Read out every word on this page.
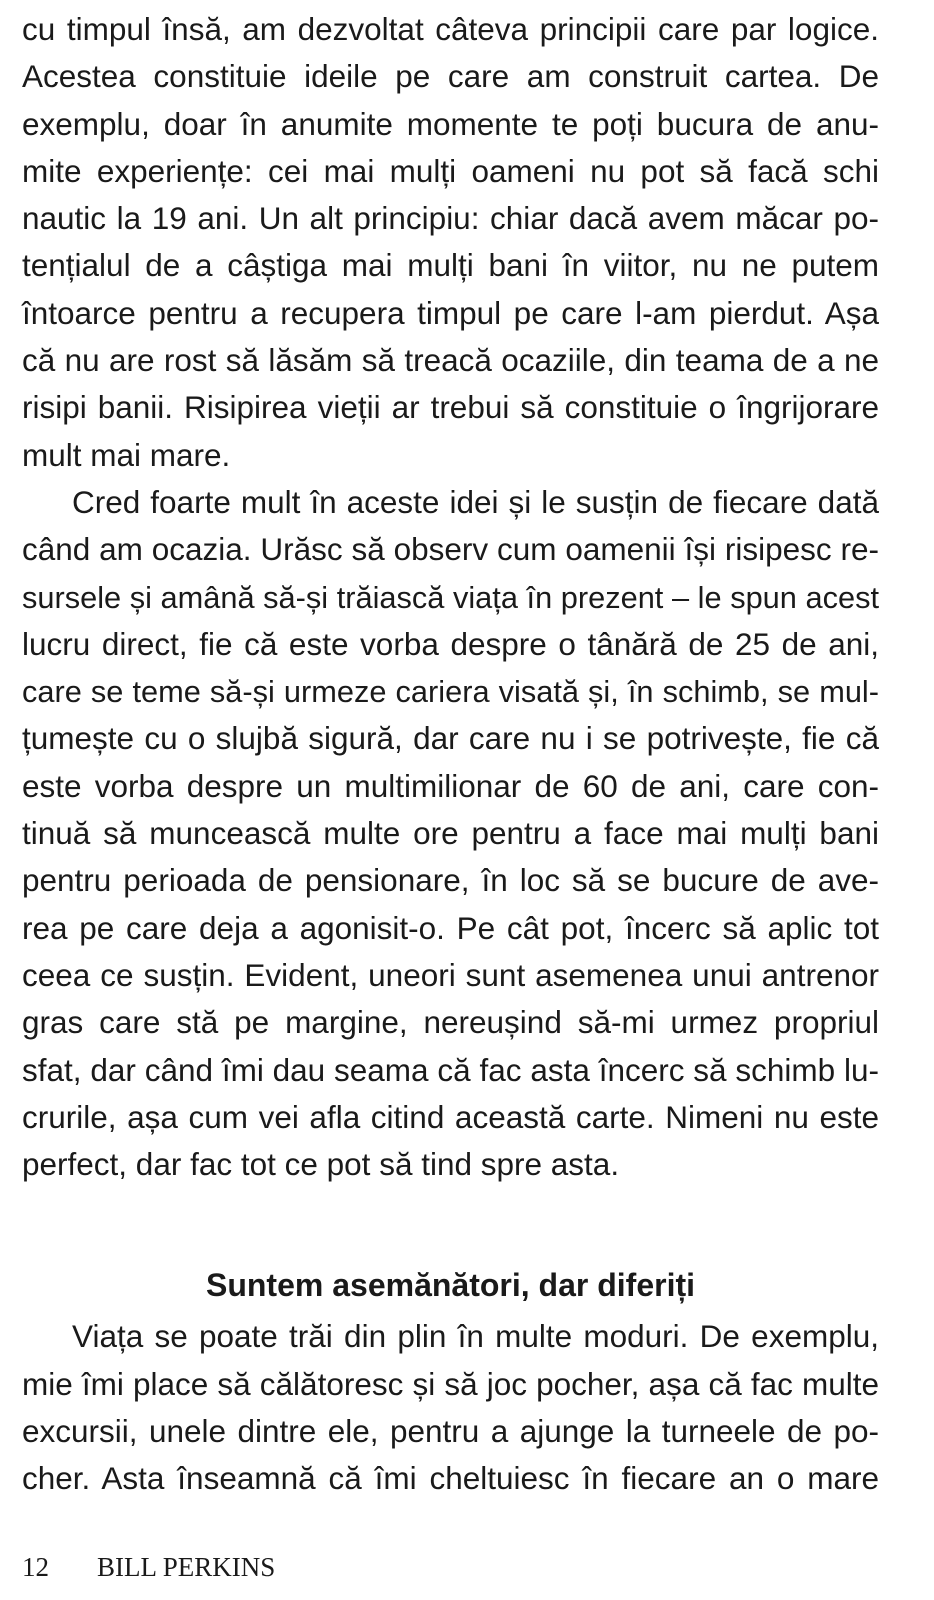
cu timpul însă, am dezvoltat câteva principii care par logice.
Acestea constituie ideile pe care am construit cartea. De
exemplu, doar în anumite momente te poți bucura de anu-
mite experiențe: cei mai mulți oameni nu pot să facă schi
nautic la 19 ani. Un alt principiu: chiar dacă avem măcar po-
tențialul de a câștiga mai mulți bani în viitor, nu ne putem
întoarce pentru a recupera timpul pe care l-am pierdut. Așa
că nu are rost să lăsăm să treacă ocaziile, din teama de a ne
risipi banii. Risipirea vieții ar trebui să constituie o îngrijorare
mult mai mare.
Cred foarte mult în aceste idei și le susțin de fiecare dată
când am ocazia. Urăsc să observ cum oamenii își risipesc re-
sursele și amână să-și trăiască viața în prezent – le spun acest
lucru direct, fie că este vorba despre o tânără de 25 de ani,
care se teme să-și urmeze cariera visată și, în schimb, se mul-
țumește cu o slujbă sigură, dar care nu i se potrivește, fie că
este vorba despre un multimilionar de 60 de ani, care con-
tinuă să muncească multe ore pentru a face mai mulți bani
pentru perioada de pensionare, în loc să se bucure de ave-
rea pe care deja a agonisit-o. Pe cât pot, încerc să aplic tot
ceea ce susțin. Evident, uneori sunt asemenea unui antrenor
gras care stă pe margine, nereușind să-mi urmez propriul
sfat, dar când îmi dau seama că fac asta încerc să schimb lu-
crurile, așa cum vei afla citind această carte. Nimeni nu este
perfect, dar fac tot ce pot să tind spre asta.
Suntem asemănători, dar diferiți
Viața se poate trăi din plin în multe moduri. De exemplu,
mie îmi place să călătoresc și să joc pocher, așa că fac multe
excursii, unele dintre ele, pentru a ajunge la turneele de po-
cher. Asta înseamnă că îmi cheltuiesc în fiecare an o mare
12 BILL PERKINS
